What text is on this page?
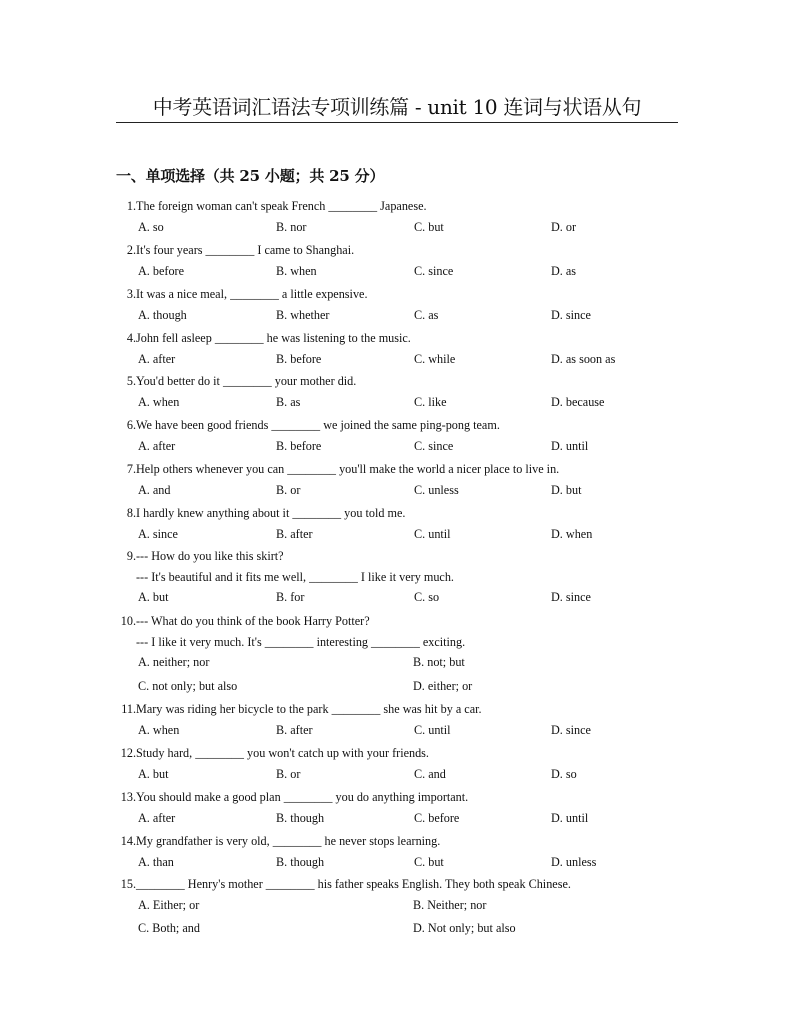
中考英语词汇语法专项训练篇 - unit 10 连词与状语从句
一、单项选择（共 25 小题；共 25 分）
1. The foreign woman can't speak French ________ Japanese.
A. so	B. nor	C. but	D. or
2. It's four years ________ I came to Shanghai.
A. before	B. when	C. since	D. as
3. It was a nice meal, ________ a little expensive.
A. though	B. whether	C. as	D. since
4. John fell asleep ________ he was listening to the music.
A. after	B. before	C. while	D. as soon as
5. You'd better do it ________ your mother did.
A. when	B. as	C. like	D. because
6. We have been good friends ________ we joined the same ping-pong team.
A. after	B. before	C. since	D. until
7. Help others whenever you can ________ you'll make the world a nicer place to live in.
A. and	B. or	C. unless	D. but
8. I hardly knew anything about it ________ you told me.
A. since	B. after	C. until	D. when
9. --- How do you like this skirt?
--- It's beautiful and it fits me well, ________ I like it very much.
A. but	B. for	C. so	D. since
10. --- What do you think of the book Harry Potter?
--- I like it very much. It's ________ interesting ________ exciting.
A. neither; nor	B. not; but
C. not only; but also	D. either; or
11. Mary was riding her bicycle to the park ________ she was hit by a car.
A. when	B. after	C. until	D. since
12. Study hard, ________ you won't catch up with your friends.
A. but	B. or	C. and	D. so
13. You should make a good plan ________ you do anything important.
A. after	B. though	C. before	D. until
14. My grandfather is very old, ________ he never stops learning.
A. than	B. though	C. but	D. unless
15. ________ Henry's mother ________ his father speaks English. They both speak Chinese.
A. Either; or	B. Neither; nor
C. Both; and	D. Not only; but also
